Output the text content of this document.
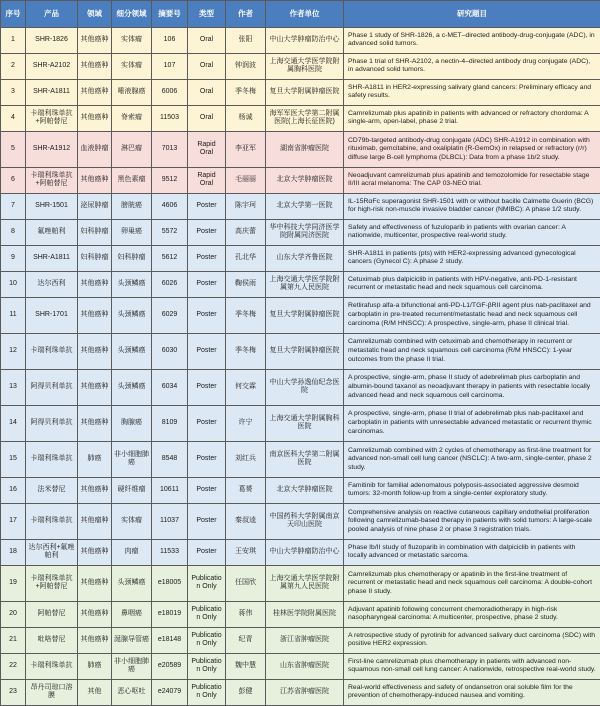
序号	产品	领域	细分领域	摘要号	类型	作者	作者单位	研究题目
1	SHR-1826	其他癌种	实体瘤	106	Oral	张阳	中山大学肿瘤防治中心	Phase 1 study of SHR-1826, a c-MET–directed antibody-drug-conjugate (ADC), in advanced solid tumors.
2	SHR-A2102	其他癌种	实体瘤	107	Oral	钟润波	上海交通大学医学院附属胸科医院	Phase 1 trial of SHR-A2102, a nectin-4–directed antibody drug conjugate (ADC), in advanced solid tumors.
3	SHR-A1811	其他癌种	唾液腺癌	6006	Oral	季冬梅	复旦大学附属肿瘤医院	SHR-A1811 in HER2-expressing salivary gland cancers: Preliminary efficacy and safety results.
4	卡瑞利珠单抗+阿帕替尼	其他癌种	脊索瘤	11503	Oral	杨诚	海军军医大学第二附属医院(上海长征医院)	Camrelizumab plus apatinib in patients with advanced or refractory chordoma: A single-arm, open-label, phase 2 trial.
5	SHR-A1912	血液肿瘤	淋巴瘤	7013	Rapid Oral	李亚军	湖南省肿瘤医院	CD79b-targeted antibody-drug conjugate (ADC) SHR-A1912 in combination with rituximab, gemcitabine, and oxaliplatin (R-GemOx) in relapsed or refractory (r/r) diffuse large B-cell lymphoma (DLBCL): Data from a phase 1b/2 study.
6	卡瑞利珠单抗+阿帕替尼	其他癌种	黑色素瘤	9512	Rapid Oral	毛丽丽	北京大学肿瘤医院	Neoadjuvant camrelizumab plus apatinib and temozolomide for resectable stage II/III acral melanoma: The CAP 03-NEO trial.
7	SHR-1501	泌尿肿瘤	膀胱癌	4606	Poster	陈宇珂	北京大学第一医院	IL-15RαFc superagonist SHR-1501 with or without bacille Calmette Guerin (BCG) for high-risk non-muscle invasive bladder cancer (NMIBC): A phase 1/2 study.
8	氟唑帕利	妇科肿瘤	卵巢癌	5572	Poster	高庆蕾	华中科技大学同济医学院附属同济医院	Safety and effectiveness of fuzuloparib in patients with ovarian cancer: A nationwide, multicenter, prospective real-world study.
9	SHR-A1811	妇科肿瘤	妇科肿瘤	5612	Poster	孔北华	山东大学齐鲁医院	SHR-A1811 in patients (pts) with HER2-expressing advanced gynecological cancers (Gynecol C): A phase 2 study.
10	达尔西利	其他癌种	头颈鳞癌	6026	Poster	鞠侯雨	上海交通大学医学院附属第九人民医院	Cetuximab plus dalpiciclib in patients with HPV-negative, anti-PD-1-resistant recurrent or metastatic head and neck squamous cell carcinoma.
11	SHR-1701	其他癌种	头颈鳞癌	6029	Poster	季冬梅	复旦大学附属肿瘤医院	Retlirafusp alfa-a bifunctional anti-PD-L1/TGF-βRII agent plus nab-paclitaxel and carboplatin in pre-treated recurrent/metastatic head and neck squamous cell carcinoma (R/M HNSCC): A prospective, single-arm, phase II clinical trial.
12	卡瑞利珠单抗	其他癌种	头颈鳞癌	6030	Poster	季冬梅	复旦大学附属肿瘤医院	Camrelizumab combined with cetuximab and chemotherapy in recurrent or metastatic head and neck squamous cell carcinoma (R/M HNSCC): 1-year outcomes from the phase II trial.
13	阿得贝利单抗	其他癌种	头颈鳞癌	6034	Poster	何交霖	中山大学孙逸仙纪念医院	A prospective, single-arm, phase II study of adebrelimab plus carboplatin and albumin-bound taxanol as neoadjuvant therapy in patients with resectable locally advanced head and neck squamous cell carcinoma.
14	阿得贝利单抗	其他癌种	胸腺癌	8109	Poster	许宁	上海交通大学附属胸科医院	A prospective, single-arm, phase II trial of adebrelimab plus nab-paclitaxel and carboplatin in patients with unresectable advanced metastatic or recurrent thymic carcinomas.
15	卡瑞利珠单抗	肺癌	非小细胞肺癌	8548	Poster	刘红兵	南京医科大学第二附属医院	Camrelizumab combined with 2 cycles of chemotherapy as first-line treatment for advanced non-small cell lung cancer (NSCLC): A two-arm, single-center, phase 2 study.
16	法米替尼	其他癌种	硬纤维瘤	10611	Poster	葛赟	北京大学肿瘤医院	Famitinib for familial adenomatous polyposis-associated aggressive desmoid tumors: 32-month follow-up from a single-center exploratory study.
17	卡瑞利珠单抗	其他瘤种	实体瘤	11037	Poster	秦叔逵	中国药科大学附属南京天印山医院	Comprehensive analysis on reactive cutaneous capillary endothelial proliferation following camrelizumab-based therapy in patients with solid tumors: A large-scale pooled analysis of nine phase 2 or phase 3 registration trials.
18	达尔西利+氟唑帕利	其他癌种	肉瘤	11533	Poster	王安琪	中山大学肿瘤防治中心	Phase Ib/II study of fluzoparib in combination with dalpiciclib in patients with locally advanced or metastatic sarcoma.
19	卡瑞利珠单抗+阿帕替尼	其他癌种	头颈鳞癌	e18005	Publication Only	任国欣	上海交通大学医学院附属第九人民医院	Camrelizumab plus chemotherapy or apatinib in the first-line treatment of recurrent or metastatic head and neck squamous cell carcinoma: A double-cohort phase II study.
20	阿帕替尼	其他癌种	鼻咽癌	e18019	Publication Only	蒋伟	桂林医学院附属医院	Adjuvant apatinib following concurrent chemoradiotherapy in high-risk nasopharyngeal carcinoma: A multicenter, prospective, phase 2 study.
21	吡咯替尼	其他癌种	涎腺导管癌	e18148	Publication Only	纪青	浙江省肿瘤医院	A retrospective study of pyrotinib for advanced salivary duct carcinoma (SDC) with positive HER2 expression.
22	卡瑞利珠单抗	肺癌	非小细胞肺癌	e20589	Publication Only	魏中慧	山东省肿瘤医院	First-line camrelizumab plus chemotherapy in patients with advanced non-squamous non-small cell lung cancer: A nationwide, retrospective real-world study.
23	昂丹司琼口溶膜	其他	恶心呕吐	e24079	Publication Only	彭健	江苏省肿瘤医院	Real-world effectiveness and safety of ondansetron oral soluble film for the prevention of chemotherapy-induced nausea and vomiting.
